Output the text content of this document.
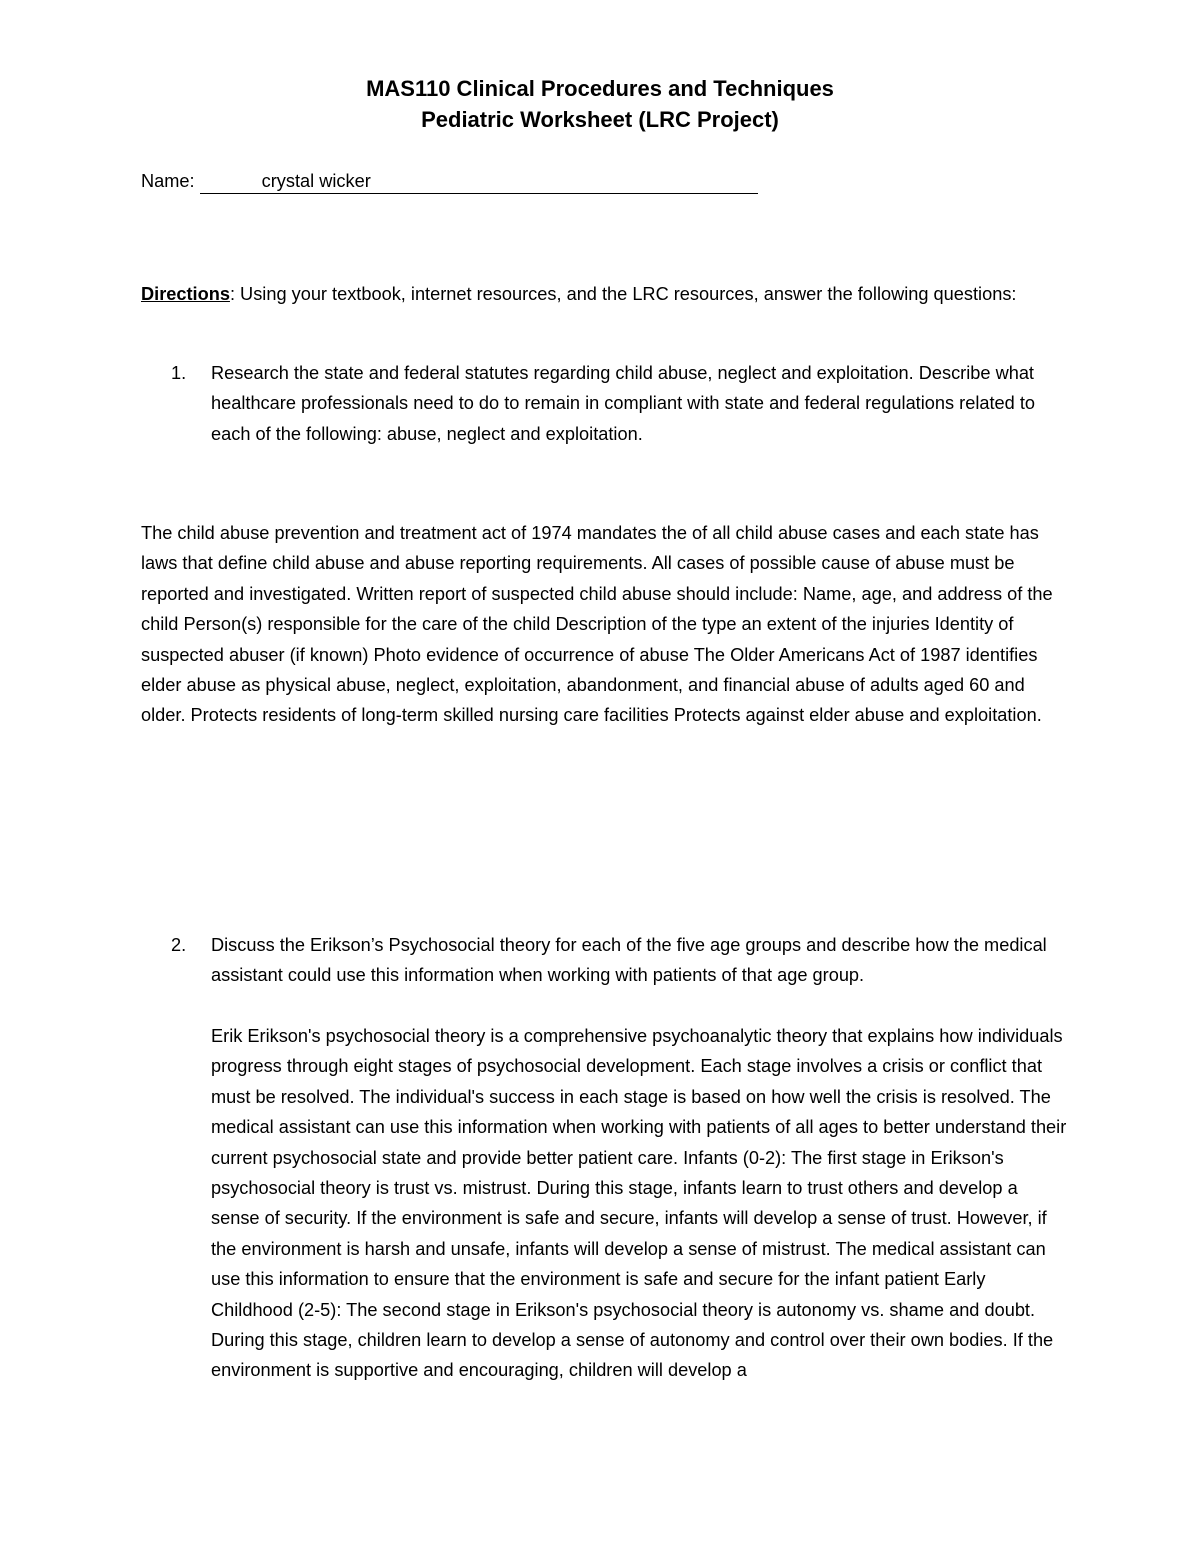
MAS110 Clinical Procedures and Techniques
Pediatric Worksheet (LRC Project)
Name:	crystal wicker
Directions: Using your textbook, internet resources, and the LRC resources, answer the following questions:
1. Research the state and federal statutes regarding child abuse, neglect and exploitation. Describe what healthcare professionals need to do to remain in compliant with state and federal regulations related to each of the following: abuse, neglect and exploitation.

The child abuse prevention and treatment act of 1974 mandates the of all child abuse cases and each state has laws that define child abuse and abuse reporting requirements. All cases of possible cause of abuse must be reported and investigated. Written report of suspected child abuse should include: Name, age, and address of the child Person(s) responsible for the care of the child Description of the type an extent of the injuries Identity of suspected abuser (if known) Photo evidence of occurrence of abuse The Older Americans Act of 1987 identifies elder abuse as physical abuse, neglect, exploitation, abandonment, and financial abuse of adults aged 60 and older. Protects residents of long-term skilled nursing care facilities Protects against elder abuse and exploitation.

2. Discuss the Erikson’s Psychosocial theory for each of the five age groups and describe how the medical assistant could use this information when working with patients of that age group.

Erik Erikson's psychosocial theory is a comprehensive psychoanalytic theory that explains how individuals progress through eight stages of psychosocial development. Each stage involves a crisis or conflict that must be resolved. The individual's success in each stage is based on how well the crisis is resolved. The medical assistant can use this information when working with patients of all ages to better understand their current psychosocial state and provide better patient care. Infants (0-2): The first stage in Erikson's psychosocial theory is trust vs. mistrust. During this stage, infants learn to trust others and develop a sense of security. If the environment is safe and secure, infants will develop a sense of trust. However, if the environment is harsh and unsafe, infants will develop a sense of mistrust. The medical assistant can use this information to ensure that the environment is safe and secure for the infant patient Early Childhood (2-5): The second stage in Erikson's psychosocial theory is autonomy vs. shame and doubt. During this stage, children learn to develop a sense of autonomy and control over their own bodies. If the environment is supportive and encouraging, children will develop a
